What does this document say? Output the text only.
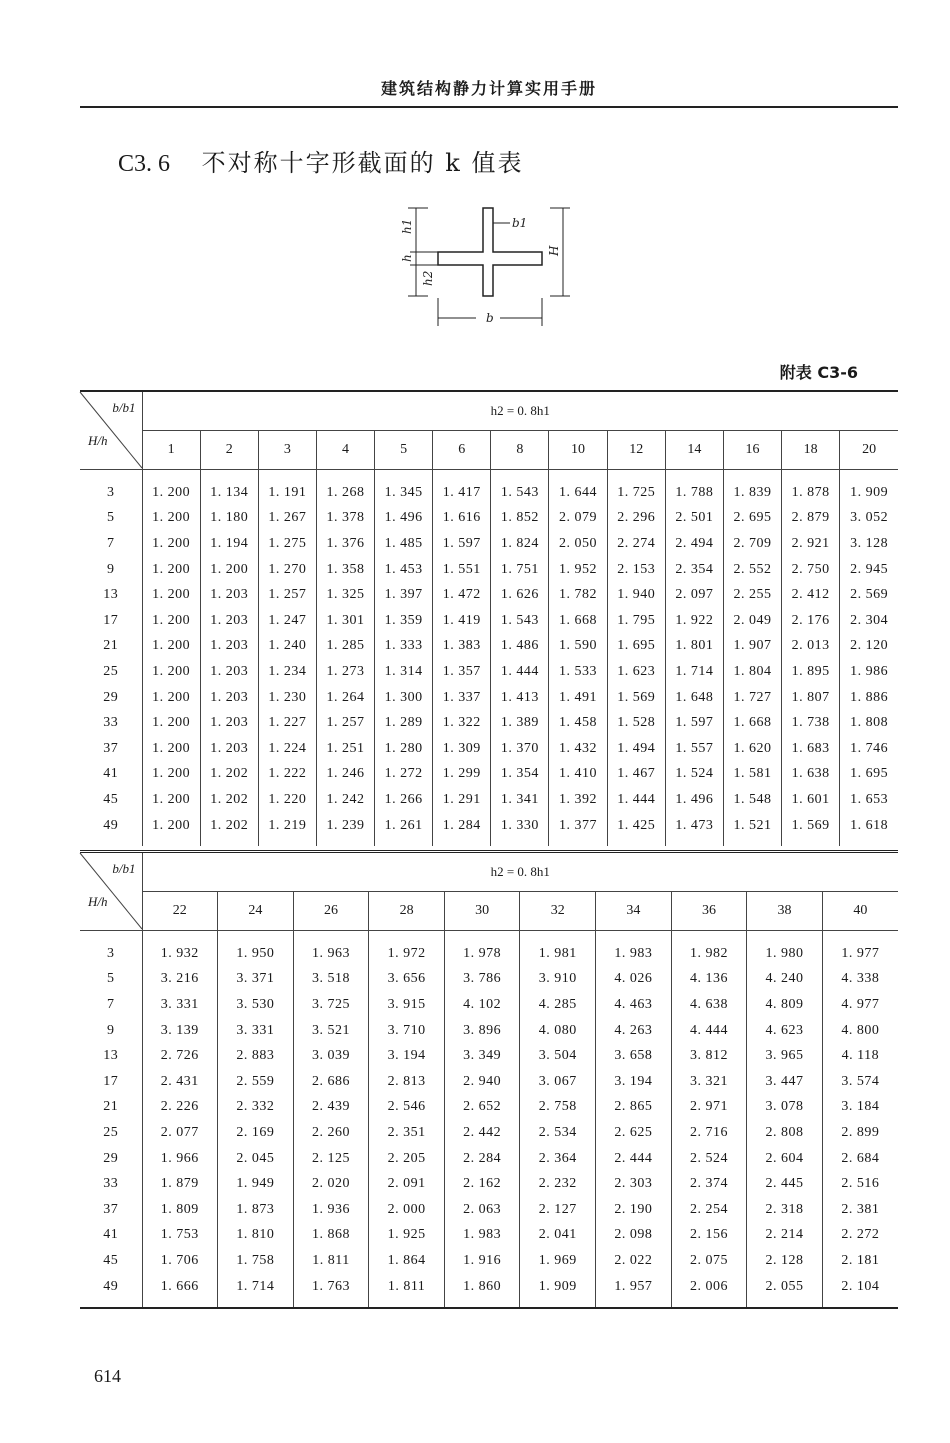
建筑结构静力计算实用手册
C3. 6 不对称十字形截面的 k 值表
b1
h1
h
h2
H
b
附表 C3-6
b/b1
H/h	h2 = 0. 8h1												
	1	2	3	4	5	6	8	10	12	14	16	18	20
3	1. 200	1. 134	1. 191	1. 268	1. 345	1. 417	1. 543	1. 644	1. 725	1. 788	1. 839	1. 878	1. 909
5	1. 200	1. 180	1. 267	1. 378	1. 496	1. 616	1. 852	2. 079	2. 296	2. 501	2. 695	2. 879	3. 052
7	1. 200	1. 194	1. 275	1. 376	1. 485	1. 597	1. 824	2. 050	2. 274	2. 494	2. 709	2. 921	3. 128
9	1. 200	1. 200	1. 270	1. 358	1. 453	1. 551	1. 751	1. 952	2. 153	2. 354	2. 552	2. 750	2. 945
13	1. 200	1. 203	1. 257	1. 325	1. 397	1. 472	1. 626	1. 782	1. 940	2. 097	2. 255	2. 412	2. 569
17	1. 200	1. 203	1. 247	1. 301	1. 359	1. 419	1. 543	1. 668	1. 795	1. 922	2. 049	2. 176	2. 304
21	1. 200	1. 203	1. 240	1. 285	1. 333	1. 383	1. 486	1. 590	1. 695	1. 801	1. 907	2. 013	2. 120
25	1. 200	1. 203	1. 234	1. 273	1. 314	1. 357	1. 444	1. 533	1. 623	1. 714	1. 804	1. 895	1. 986
29	1. 200	1. 203	1. 230	1. 264	1. 300	1. 337	1. 413	1. 491	1. 569	1. 648	1. 727	1. 807	1. 886
33	1. 200	1. 203	1. 227	1. 257	1. 289	1. 322	1. 389	1. 458	1. 528	1. 597	1. 668	1. 738	1. 808
37	1. 200	1. 203	1. 224	1. 251	1. 280	1. 309	1. 370	1. 432	1. 494	1. 557	1. 620	1. 683	1. 746
41	1. 200	1. 202	1. 222	1. 246	1. 272	1. 299	1. 354	1. 410	1. 467	1. 524	1. 581	1. 638	1. 695
45	1. 200	1. 202	1. 220	1. 242	1. 266	1. 291	1. 341	1. 392	1. 444	1. 496	1. 548	1. 601	1. 653
49	1. 200	1. 202	1. 219	1. 239	1. 261	1. 284	1. 330	1. 377	1. 425	1. 473	1. 521	1. 569	1. 618
b/b1
H/h	h2 = 0. 8h1									
	22	24	26	28	30	32	34	36	38	40
3	1. 932	1. 950	1. 963	1. 972	1. 978	1. 981	1. 983	1. 982	1. 980	1. 977
5	3. 216	3. 371	3. 518	3. 656	3. 786	3. 910	4. 026	4. 136	4. 240	4. 338
7	3. 331	3. 530	3. 725	3. 915	4. 102	4. 285	4. 463	4. 638	4. 809	4. 977
9	3. 139	3. 331	3. 521	3. 710	3. 896	4. 080	4. 263	4. 444	4. 623	4. 800
13	2. 726	2. 883	3. 039	3. 194	3. 349	3. 504	3. 658	3. 812	3. 965	4. 118
17	2. 431	2. 559	2. 686	2. 813	2. 940	3. 067	3. 194	3. 321	3. 447	3. 574
21	2. 226	2. 332	2. 439	2. 546	2. 652	2. 758	2. 865	2. 971	3. 078	3. 184
25	2. 077	2. 169	2. 260	2. 351	2. 442	2. 534	2. 625	2. 716	2. 808	2. 899
29	1. 966	2. 045	2. 125	2. 205	2. 284	2. 364	2. 444	2. 524	2. 604	2. 684
33	1. 879	1. 949	2. 020	2. 091	2. 162	2. 232	2. 303	2. 374	2. 445	2. 516
37	1. 809	1. 873	1. 936	2. 000	2. 063	2. 127	2. 190	2. 254	2. 318	2. 381
41	1. 753	1. 810	1. 868	1. 925	1. 983	2. 041	2. 098	2. 156	2. 214	2. 272
45	1. 706	1. 758	1. 811	1. 864	1. 916	1. 969	2. 022	2. 075	2. 128	2. 181
49	1. 666	1. 714	1. 763	1. 811	1. 860	1. 909	1. 957	2. 006	2. 055	2. 104
614
